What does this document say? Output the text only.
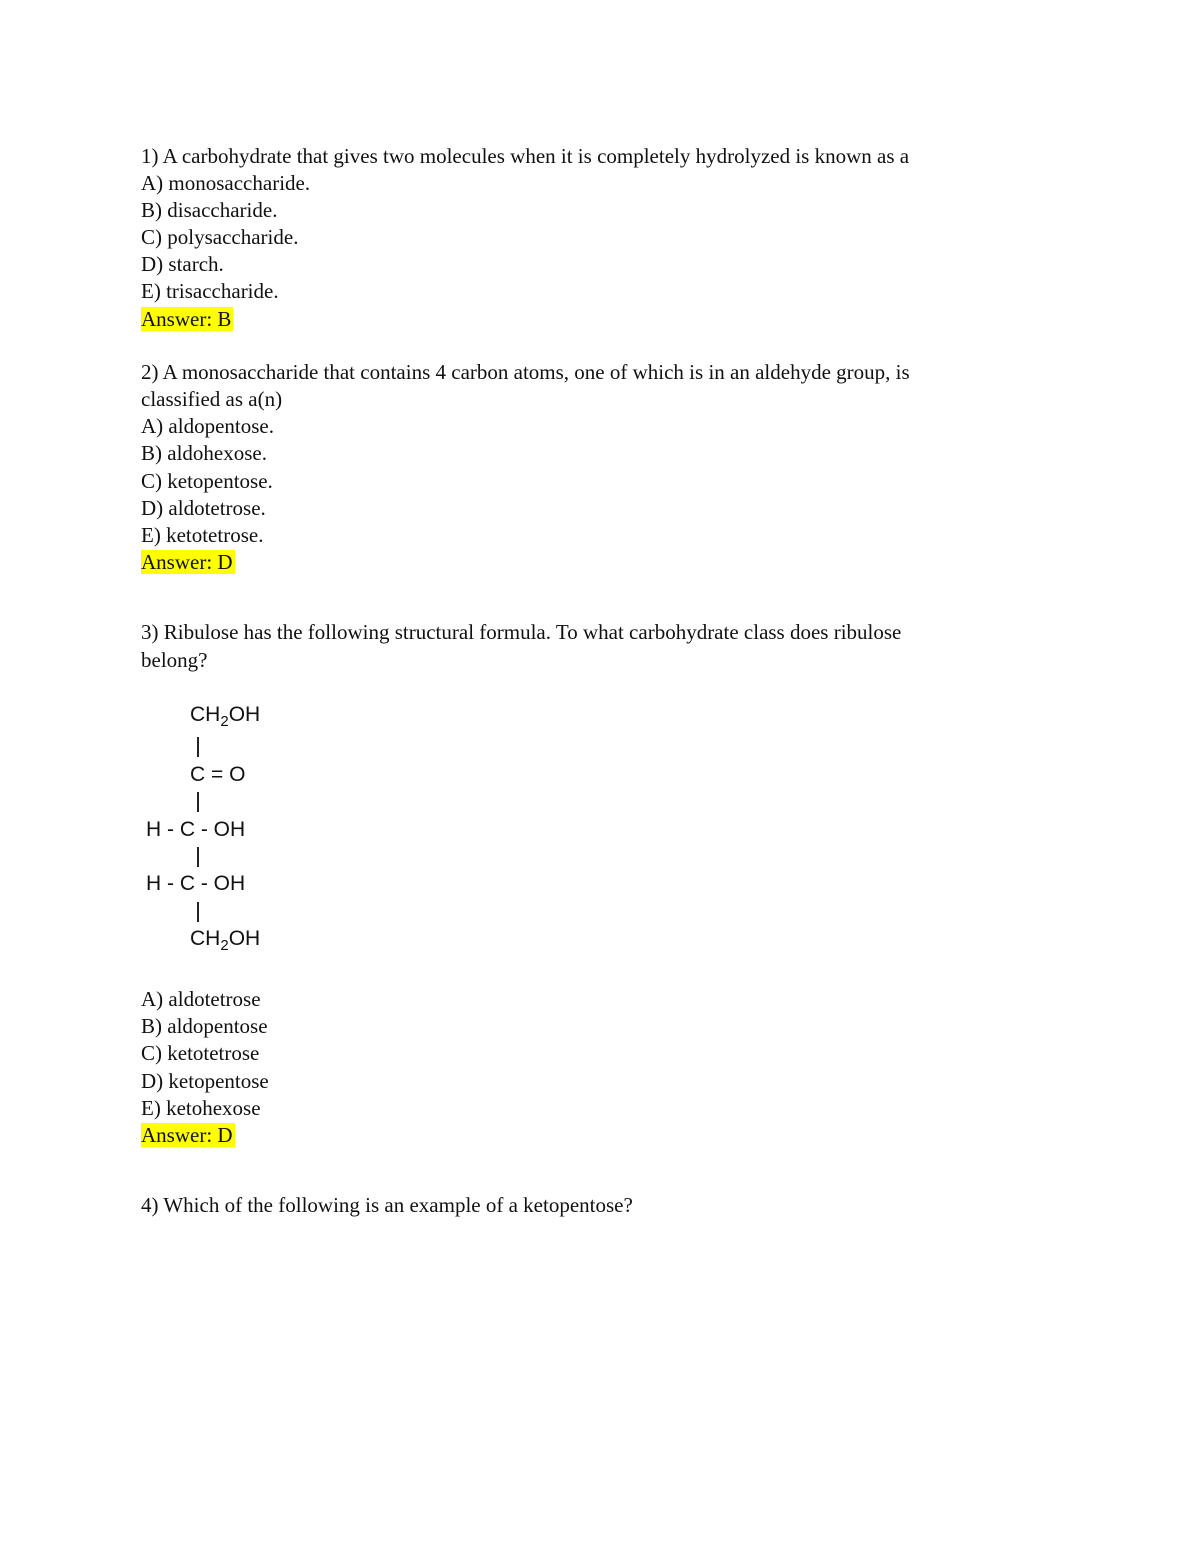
1) A carbohydrate that gives two molecules when it is completely hydrolyzed is known as a
A) monosaccharide.
B) disaccharide.
C) polysaccharide.
D) starch.
E) trisaccharide.
Answer: B
2) A monosaccharide that contains 4 carbon atoms, one of which is in an aldehyde group, is
classified as a(n)
A) aldopentose.
B) aldohexose.
C) ketopentose.
D) aldotetrose.
E) ketotetrose.
Answer: D
3) Ribulose has the following structural formula. To what carbohydrate class does ribulose
belong?
$CH_2OH$
C = O
H - C - OH
H - C - OH
$CH_2OH$
A) aldotetrose
B) aldopentose
C) ketotetrose
D) ketopentose
E) ketohexose
Answer: D
4) Which of the following is an example of a ketopentose?
